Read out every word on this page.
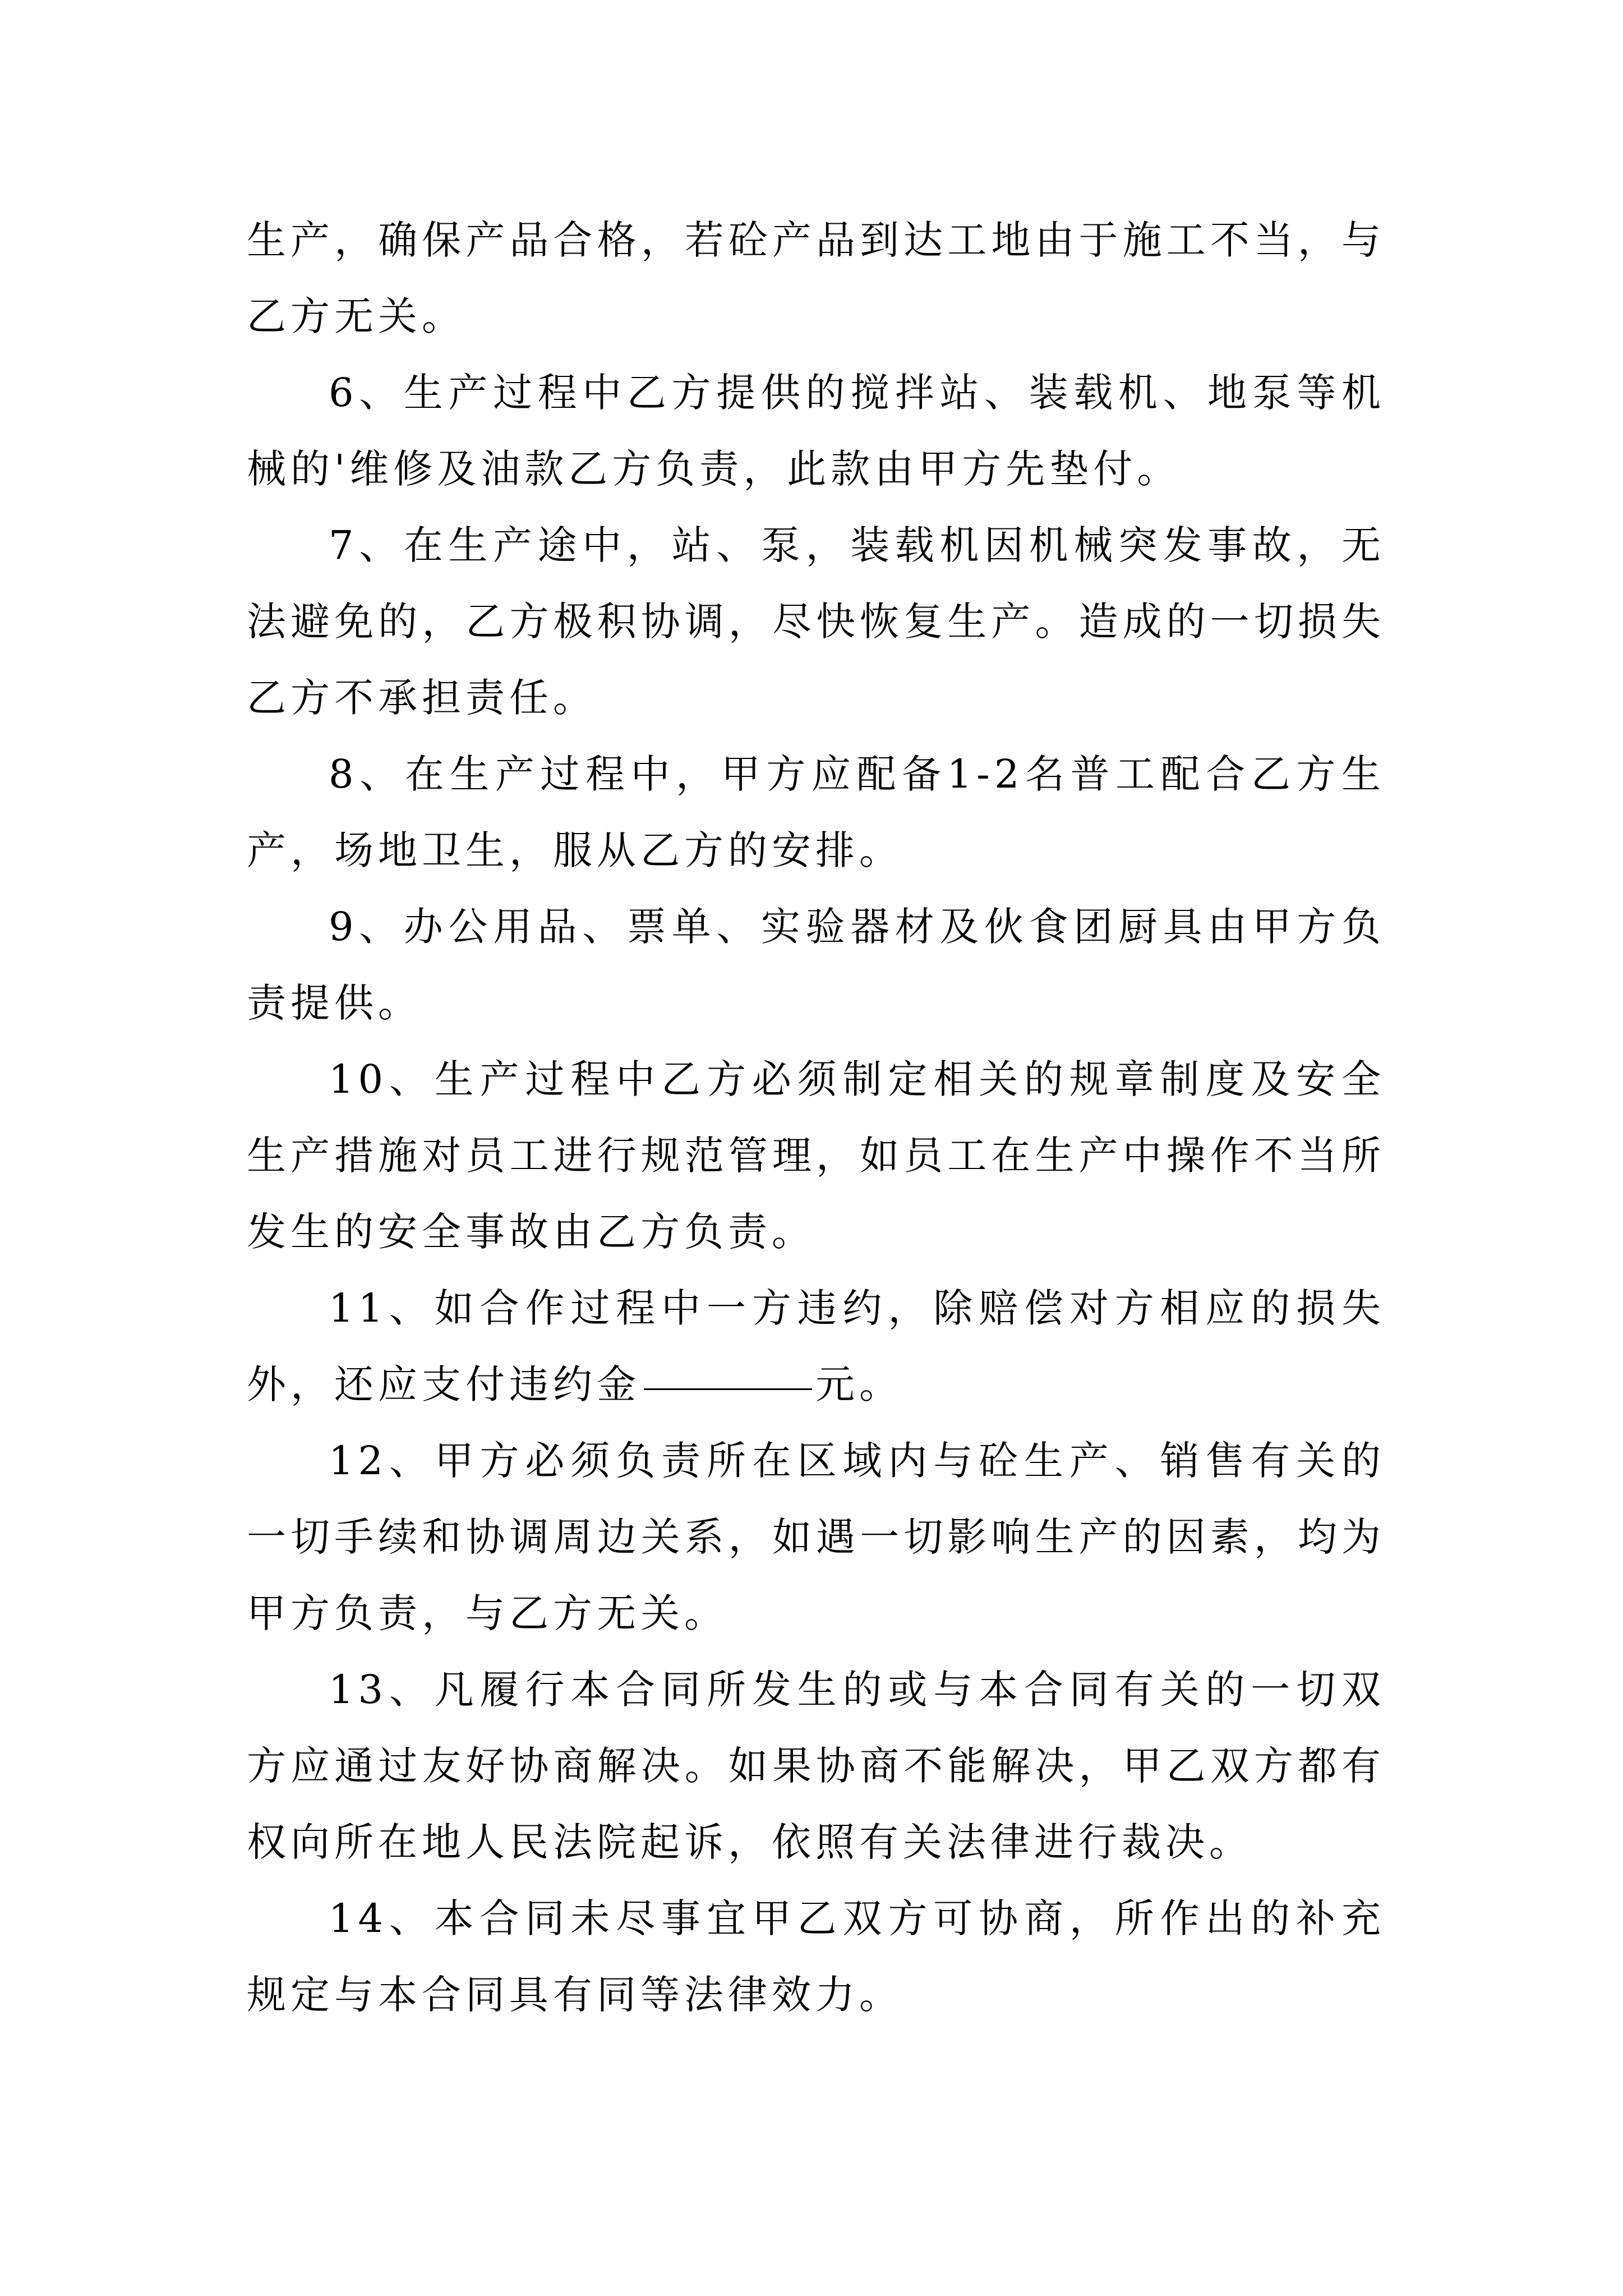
生产，确保产品合格，若砼产品到达工地由于施工不当，与乙方无关。

6、生产过程中乙方提供的搅拌站、装载机、地泵等机械的'维修及油款乙方负责，此款由甲方先垫付。

7、在生产途中，站、泵，装载机因机械突发事故，无法避免的，乙方极积协调，尽快恢复生产。造成的一切损失乙方不承担责任。

8、在生产过程中，甲方应配备1-2名普工配合乙方生产，场地卫生，服从乙方的安排。

9、办公用品、票单、实验器材及伙食团厨具由甲方负责提供。

10、生产过程中乙方必须制定相关的规章制度及安全生产措施对员工进行规范管理，如员工在生产中操作不当所发生的安全事故由乙方负责。

11、如合作过程中一方违约，除赔偿对方相应的损失外，还应支付违约金	元。

12、甲方必须负责所在区域内与砼生产、销售有关的一切手续和协调周边关系，如遇一切影响生产的因素，均为甲方负责，与乙方无关。

13、凡履行本合同所发生的或与本合同有关的一切双方应通过友好协商解决。如果协商不能解决，甲乙双方都有权向所在地人民法院起诉，依照有关法律进行裁决。

14、本合同未尽事宜甲乙双方可协商，所作出的补充规定与本合同具有同等法律效力。
